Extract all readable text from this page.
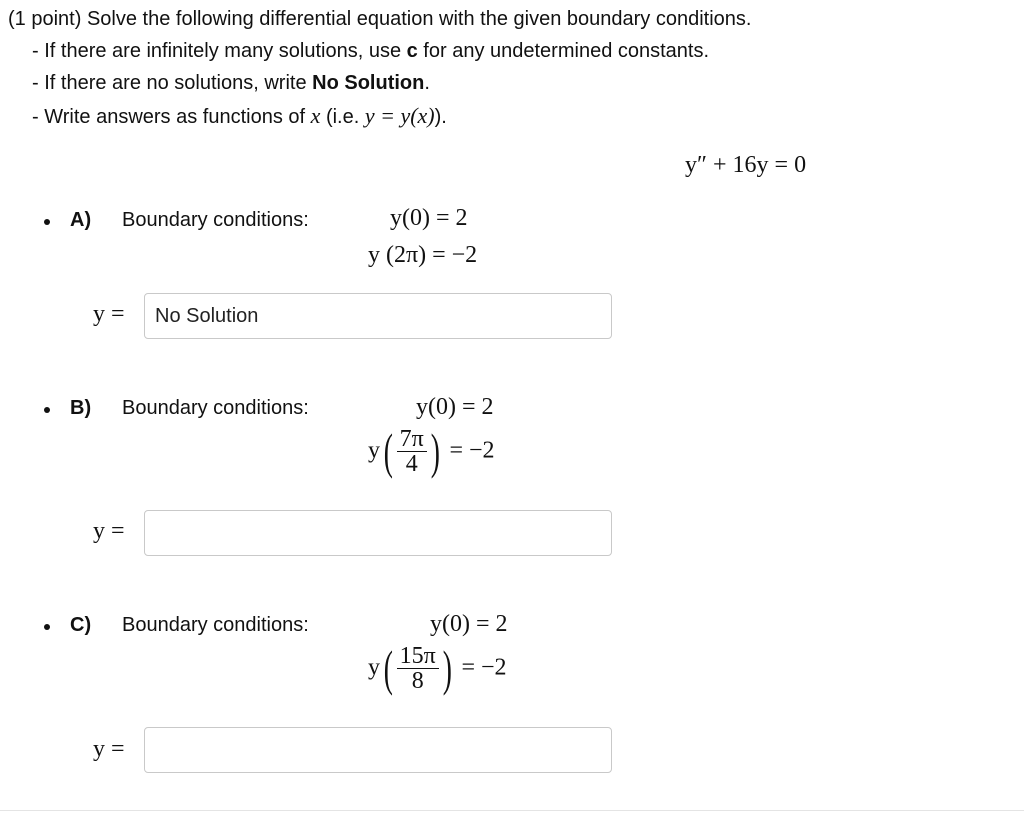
(1 point) Solve the following differential equation with the given boundary conditions.
- If there are infinitely many solutions, use c for any undetermined constants.
- If there are no solutions, write No Solution.
- Write answers as functions of x (i.e. y = y(x)).
y″ + 16y = 0
A) Boundary conditions:	y(0) = 2
y (2π) = −2
y =
No Solution
B) Boundary conditions:	y(0) = 2
$y( \frac{7\pi}{4}$ ) = −2
y =
C) Boundary conditions:	y(0) = 2
$y( \frac{15\pi}{8}$ ) = −2
y =
